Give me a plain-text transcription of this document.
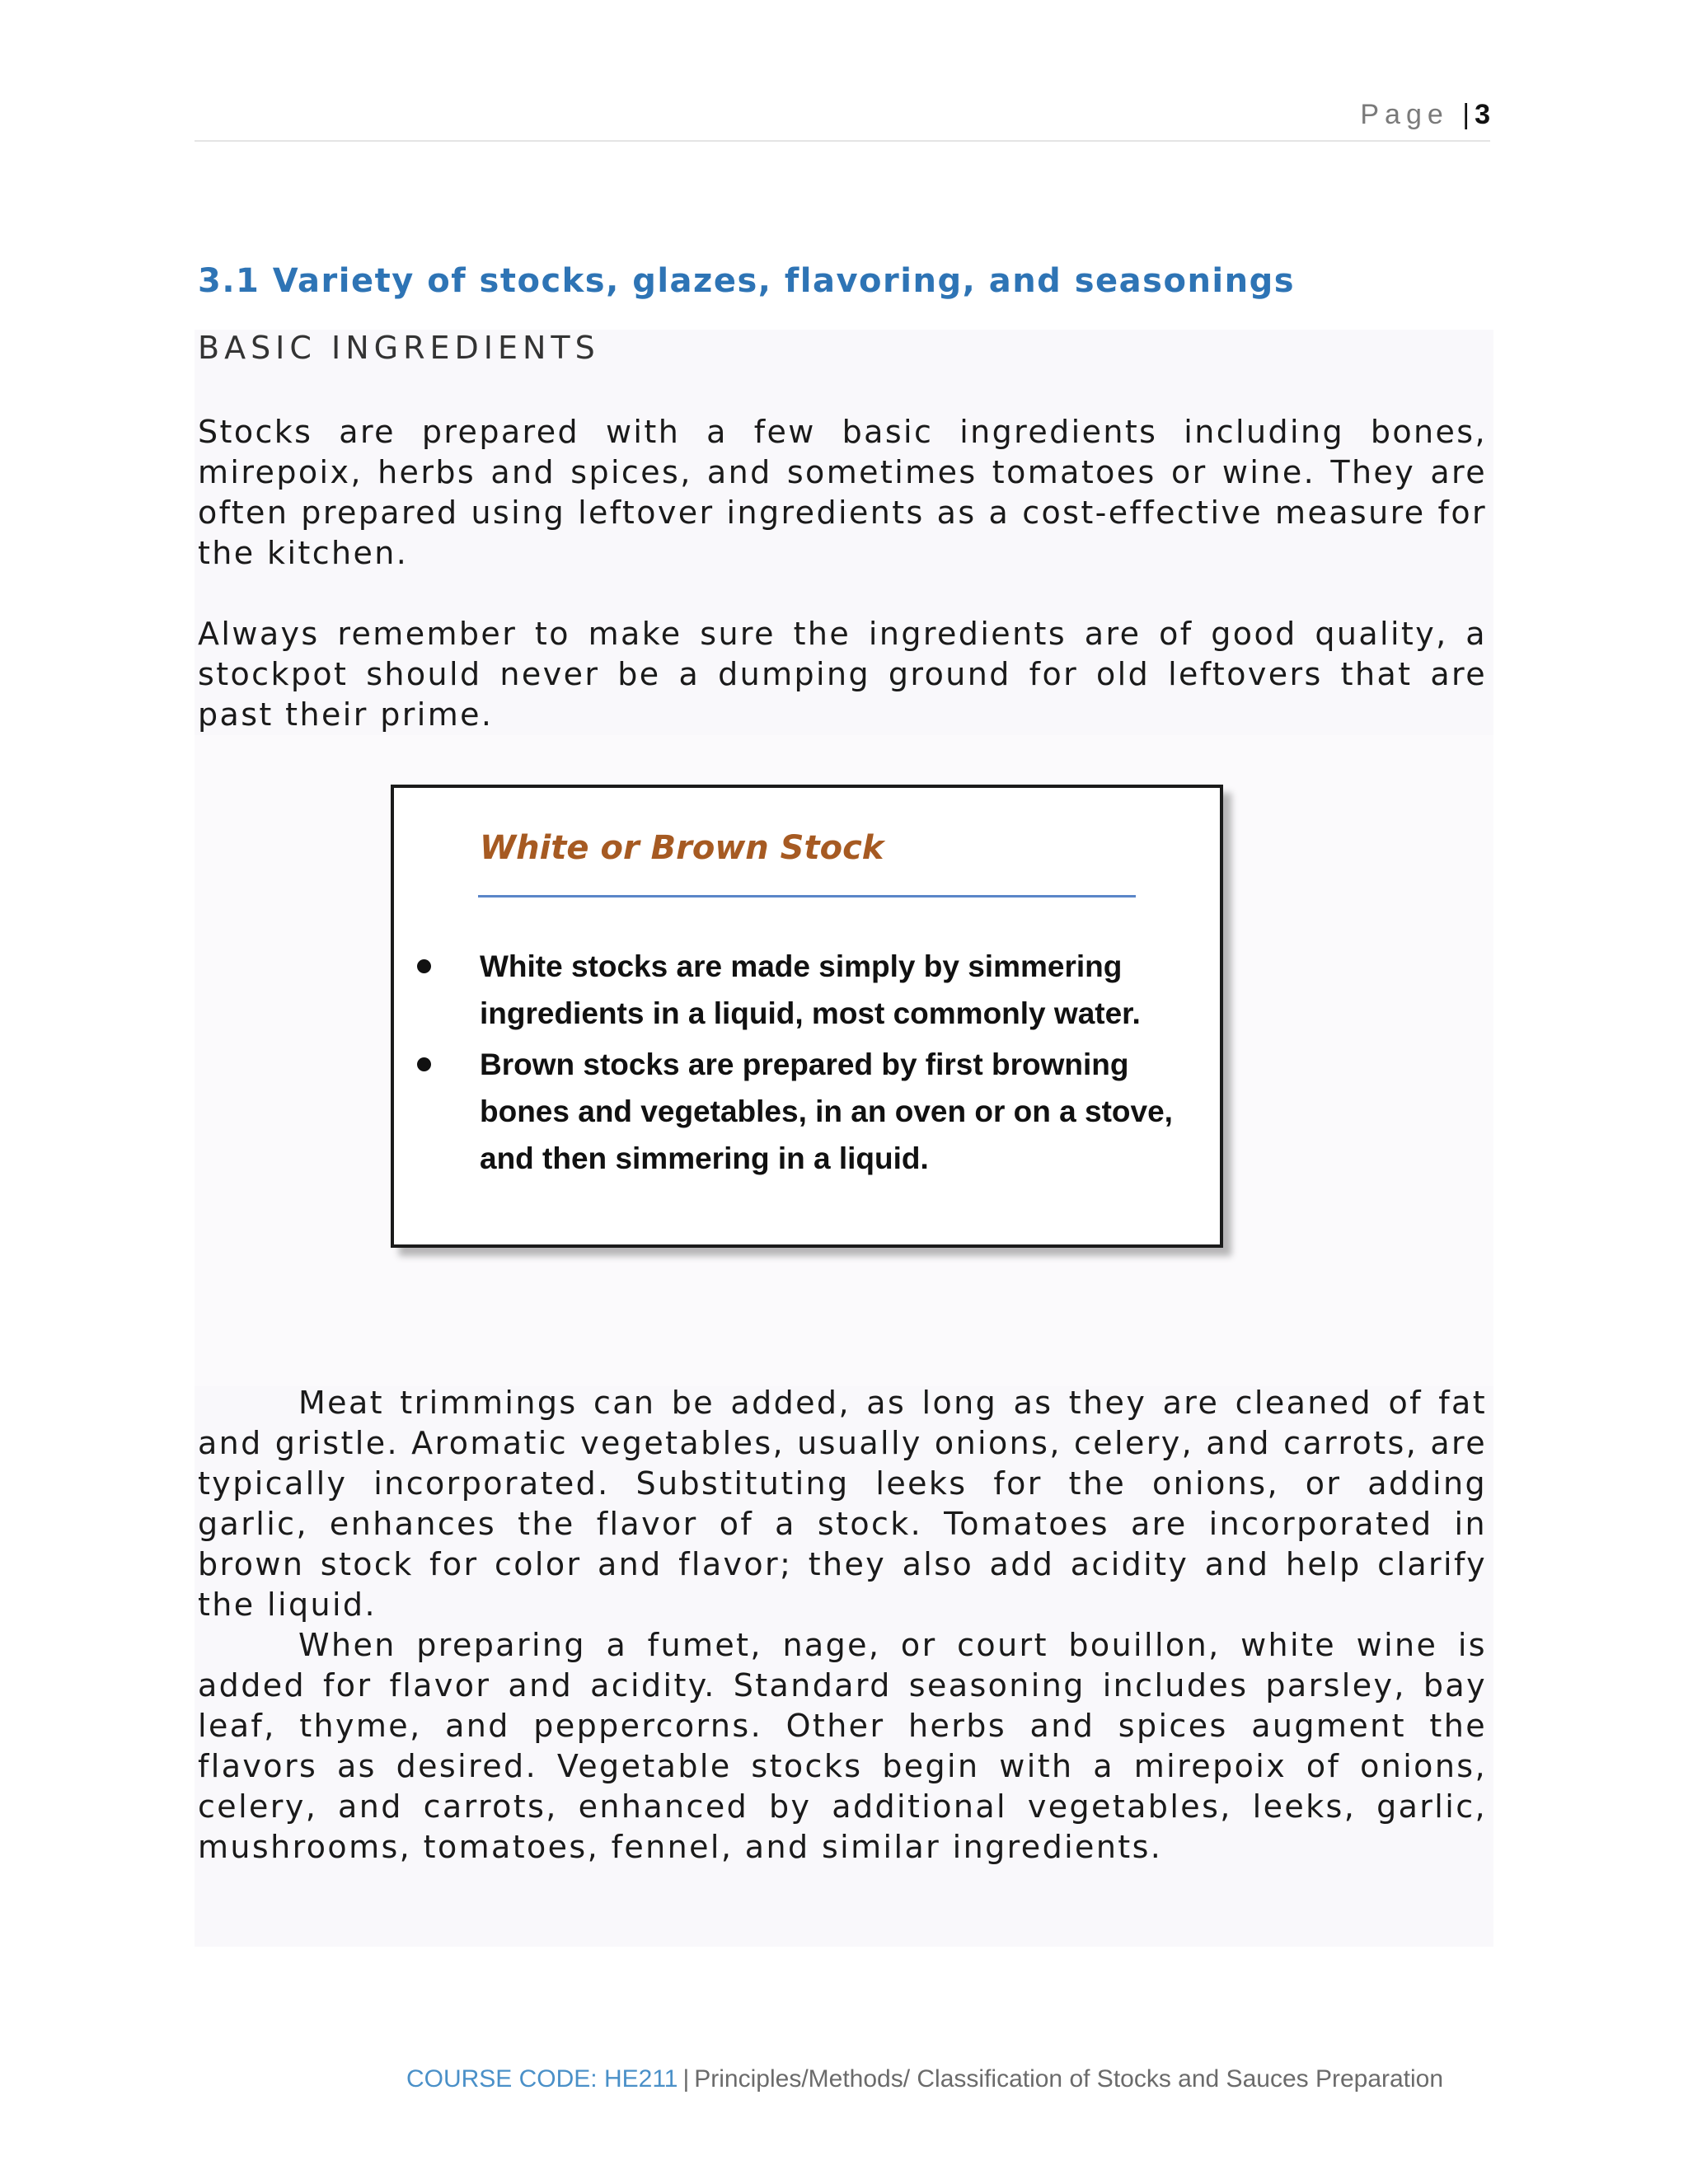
Page | 3
3.1 Variety of stocks, glazes, flavoring, and seasonings
BASIC INGREDIENTS

Stocks are prepared with a few basic ingredients including bones, mirepoix, herbs and spices, and sometimes tomatoes or wine. They are often prepared using leftover ingredients as a cost-effective measure for the kitchen.

Always remember to make sure the ingredients are of good quality, a stockpot should never be a dumping ground for old leftovers that are past their prime.

White or Brown Stock
White stocks are made simply by simmering ingredients in a liquid, most commonly water.
Brown stocks are prepared by first browning bones and vegetables, in an oven or on a stove, and then simmering in a liquid.

Meat trimmings can be added, as long as they are cleaned of fat and gristle. Aromatic vegetables, usually onions, celery, and carrots, are typically incorporated. Substituting leeks for the onions, or adding garlic, enhances the flavor of a stock. Tomatoes are incorporated in brown stock for color and flavor; they also add acidity and help clarify the liquid.

When preparing a fumet, nage, or court bouillon, white wine is added for flavor and acidity. Standard seasoning includes parsley, bay leaf, thyme, and peppercorns. Other herbs and spices augment the flavors as desired. Vegetable stocks begin with a mirepoix of onions, celery, and carrots, enhanced by additional vegetables, leeks, garlic, mushrooms, tomatoes, fennel, and similar ingredients.

COURSE CODE: HE211 | Principles/Methods/ Classification of Stocks and Sauces Preparation
